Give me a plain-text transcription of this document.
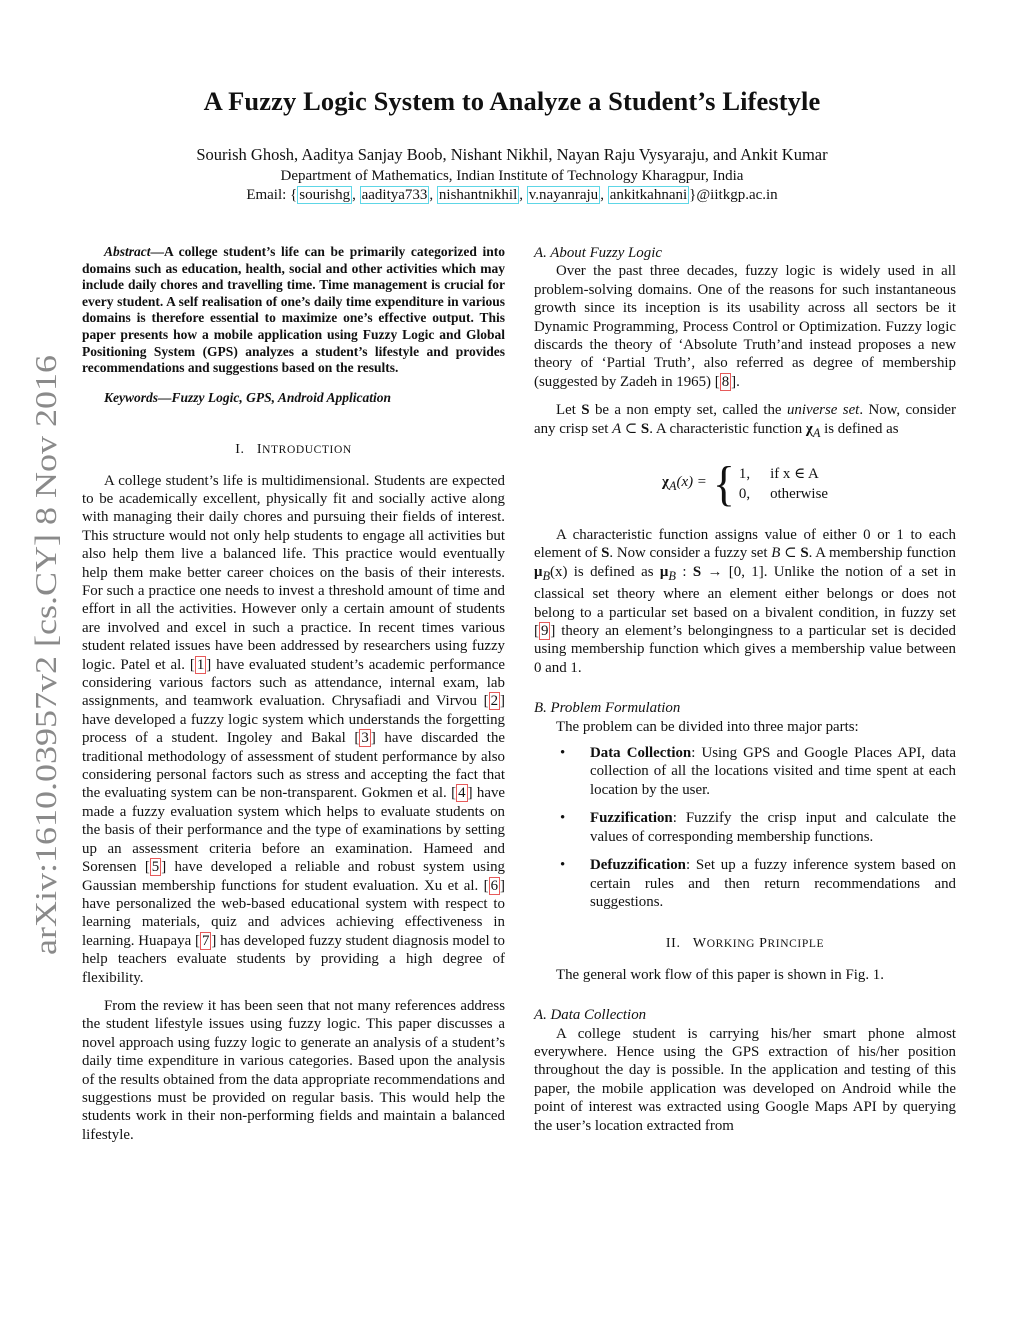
arXiv:1610.03957v2 [cs.CY] 8 Nov 2016
A Fuzzy Logic System to Analyze a Student’s Lifestyle
Sourish Ghosh, Aaditya Sanjay Boob, Nishant Nikhil, Nayan Raju Vysyaraju, and Ankit Kumar
Department of Mathematics, Indian Institute of Technology Kharagpur, India
Email: { sourishg , aaditya733 , nishantnikhil , v.nayanraju , ankitkahnani }@iitkgp.ac.in

Abstract—A college student’s life can be primarily categorized into domains such as education, health, social and other activities which may include daily chores and travelling time. Time management is crucial for every student. A self realisation of one’s daily time expenditure in various domains is therefore essential to maximize one’s effective output. This paper presents how a mobile application using Fuzzy Logic and Global Positioning System (GPS) analyzes a student’s lifestyle and provides recommendations and suggestions based on the results.

Keywords—Fuzzy Logic, GPS, Android Application

I. INTRODUCTION

A college student’s life is multidimensional. Students are expected to be academically excellent, physically fit and socially active along with managing their daily chores and pursuing their fields of interest. This structure would not only help students to engage all activities but also help them live a balanced life. This practice would eventually help them make better career choices on the basis of their interests. For such a practice one needs to invest a threshold amount of time and effort in all the activities. However only a certain amount of students are involved and excel in such a practice. In recent times various student related issues have been addressed by researchers using fuzzy logic. Patel et al. [ 1 ] have evaluated student’s academic performance considering various factors such as attendance, internal exam, lab assignments, and teamwork evaluation. Chrysafiadi and Virvou [ 2 ] have developed a fuzzy logic system which understands the forgetting process of a student. Ingoley and Bakal [ 3 ] have discarded the traditional methodology of assessment of student performance by also considering personal factors such as stress and accepting the fact that the evaluating system can be non-transparent. Gokmen et al. [ 4 ] have made a fuzzy evaluation system which helps to evaluate students on the basis of their performance and the type of examinations by setting up an assessment criteria before an examination. Hameed and Sorensen [ 5 ] have developed a reliable and robust system using Gaussian membership functions for student evaluation. Xu et al. [ 6 ] have personalized the web-based educational system with respect to learning materials, quiz and advices achieving effectiveness in learning. Huapaya [ 7 ] has developed fuzzy student diagnosis model to help teachers evaluate students by providing a high degree of flexibility.

From the review it has been seen that not many references address the student lifestyle issues using fuzzy logic. This paper discusses a novel approach using fuzzy logic to generate an analysis of a student’s daily time expenditure in various categories. Based upon the analysis of the results obtained from the data appropriate recommendations and suggestions must be provided on regular basis. This would help the students work in their non-performing fields and maintain a balanced lifestyle.

A. About Fuzzy Logic

Over the past three decades, fuzzy logic is widely used in all problem-solving domains. One of the reasons for such instantaneous growth since its inception is its usability across all sectors be it Dynamic Programming, Process Control or Optimization. Fuzzy logic discards the theory of ‘Absolute Truth’and instead proposes a new theory of ‘Partial Truth’, also referred as degree of membership (suggested by Zadeh in 1965) [ 8 ].

Let S be a non empty set, called the universe set. Now, consider any crisp set A ⊂ S. A characteristic function $\chi_A$ is defined as

$\chi_A(x)$ = { 1, if x ∈ A
0, otherwise

A characteristic function assigns value of either 0 or 1 to each element of S. Now consider a fuzzy set B ⊂ S. A membership function $\mu_B(x)$ is defined as $\mu_B$ : S → [0, 1]. Unlike the notion of a set in classical set theory where an element either belongs or does not belong to a particular set based on a bivalent condition, in fuzzy set [ 9 ] theory an element’s belongingness to a particular set is decided using membership function which gives a membership value between 0 and 1.

B. Problem Formulation

The problem can be divided into three major parts:

• Data Collection: Using GPS and Google Places API, data collection of all the locations visited and time spent at each location by the user.
• Fuzzification: Fuzzify the crisp input and calculate the values of corresponding membership functions.
• Defuzzification: Set up a fuzzy inference system based on certain rules and then return recommendations and suggestions.
II. WORKING PRINCIPLE

The general work flow of this paper is shown in Fig. 1.

A. Data Collection

A college student is carrying his/her smart phone almost everywhere. Hence using the GPS extraction of his/her position throughout the day is possible. In the application and testing of this paper, the mobile application was developed on Android while the point of interest was extracted using Google Maps API by querying the user’s location extracted from
